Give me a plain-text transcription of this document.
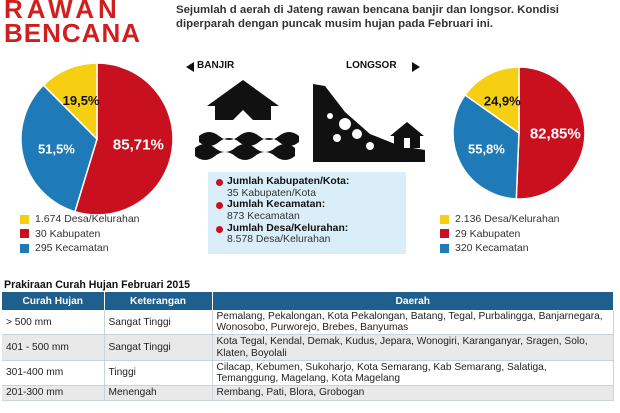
RAWAN
BENCANA
Sejumlah d aerah di Jateng rawan bencana banjir dan longsor. Kondisi diperparah dengan puncak musim hujan pada Februari ini.
BANJIR	LONGSOR
85,71%
51,5%
19,5%
82,85%
55,8%
24,9%
Jumlah Kabupaten/Kota:
35 Kabupaten/Kota
Jumlah Kecamatan:
873 Kecamatan
Jumlah Desa/Kelurahan:
8.578 Desa/Kelurahan
1.674 Desa/Kelurahan
30 Kabupaten
295 Kecamatan
2.136 Desa/Kelurahan
29 Kabupaten
320 Kecamatan
Prakiraan Curah Hujan Februari 2015
Curah Hujan	Keterangan	Daerah
> 500 mm	Sangat Tinggi	Pemalang, Pekalongan, Kota Pekalongan, Batang, Tegal, Purbalingga, Banjarnegara, Wonosobo, Purworejo, Brebes, Banyumas
401 - 500 mm	Sangat Tinggi	Kota Tegal, Kendal, Demak, Kudus, Jepara, Wonogiri, Karanganyar, Sragen, Solo, Klaten, Boyolali
301-400 mm	Tinggi	Cilacap, Kebumen, Sukoharjo, Kota Semarang, Kab Semarang, Salatiga, Temanggung, Magelang, Kota Magelang
201-300 mm	Menengah	Rembang, Pati, Blora, Grobogan
